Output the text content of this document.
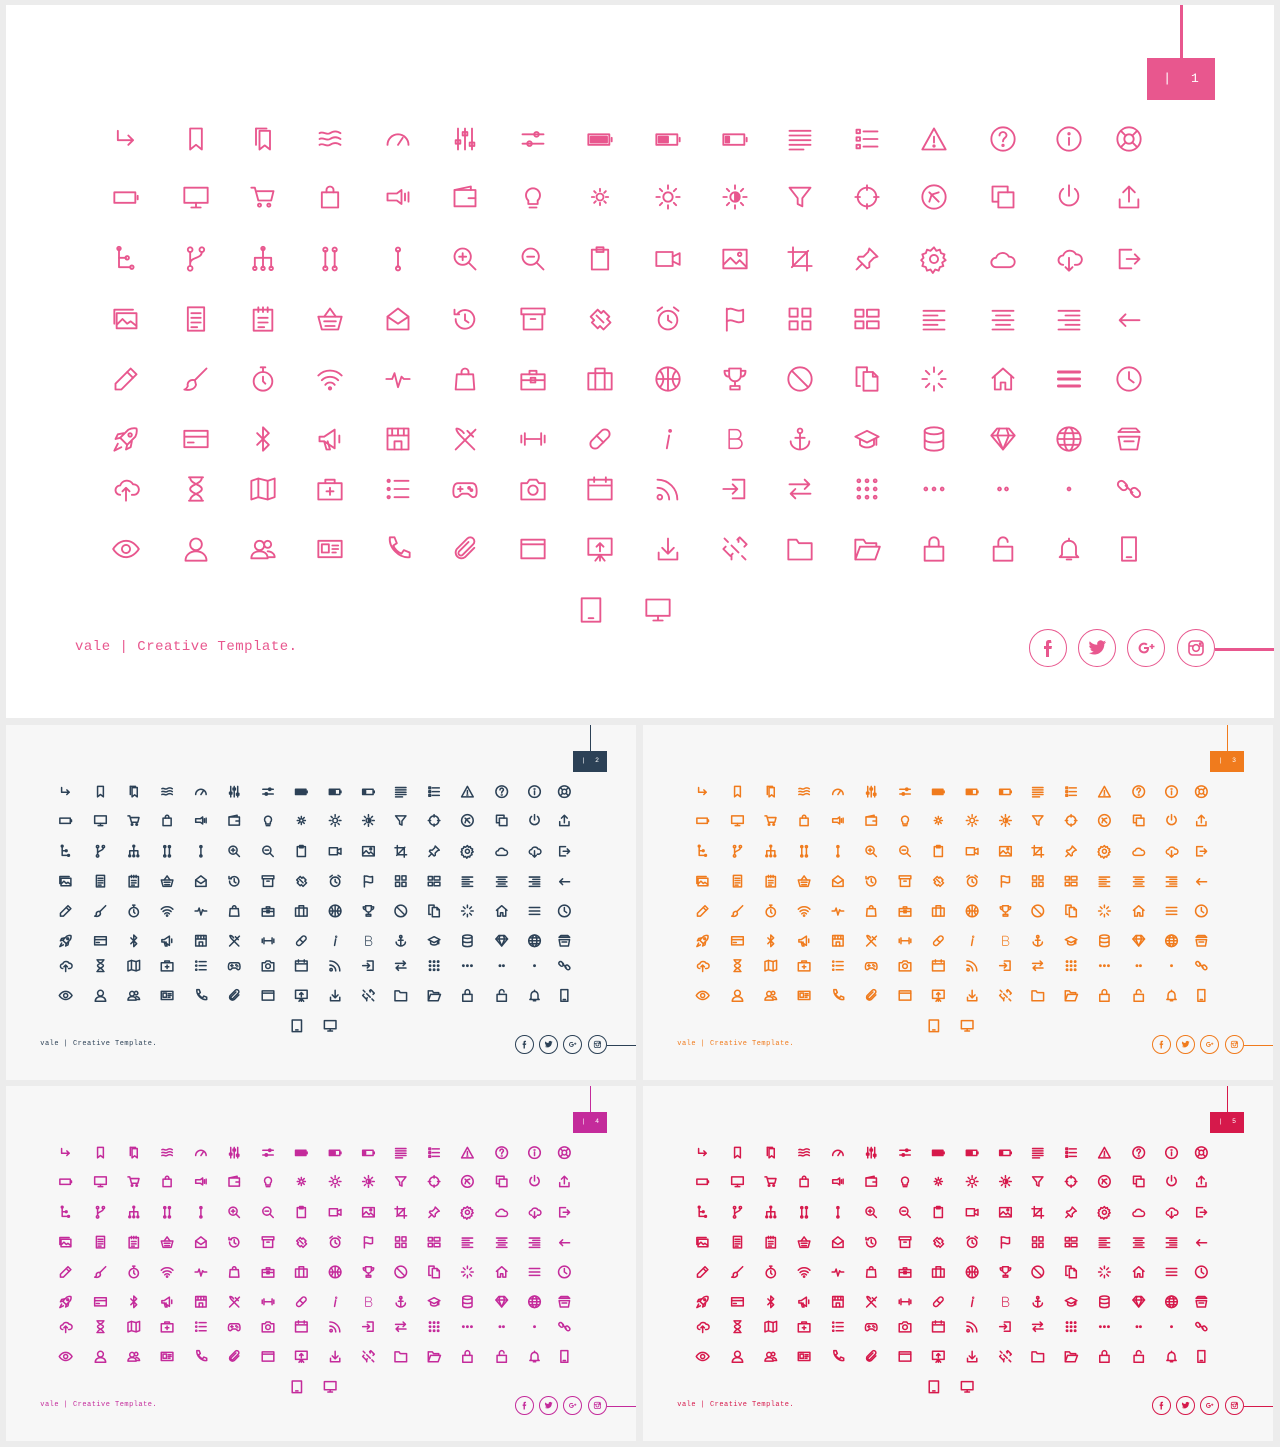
| 1
vale | Creative Template.
| 2
vale | Creative Template.
| 3
vale | Creative Template.
| 4
vale | Creative Template.
| 5
vale | Creative Template.
